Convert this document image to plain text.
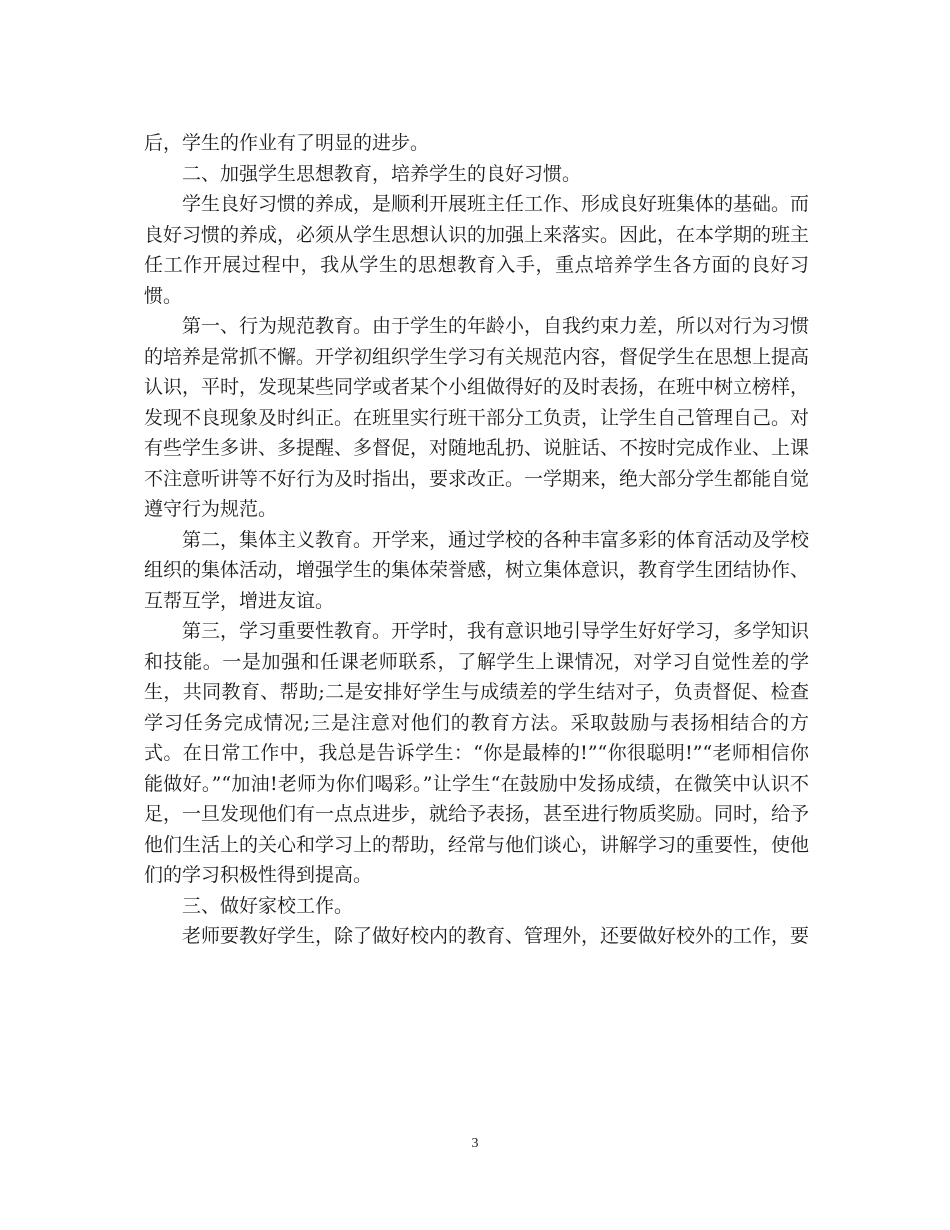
后，学生的作业有了明显的进步。

二、加强学生思想教育，培养学生的良好习惯。

学生良好习惯的养成，是顺利开展班主任工作、形成良好班集体的基础。而良好习惯的养成，必须从学生思想认识的加强上来落实。因此，在本学期的班主任工作开展过程中，我从学生的思想教育入手，重点培养学生各方面的良好习惯。

第一、行为规范教育。由于学生的年龄小，自我约束力差，所以对行为习惯的培养是常抓不懈。开学初组织学生学习有关规范内容，督促学生在思想上提高认识，平时，发现某些同学或者某个小组做得好的及时表扬，在班中树立榜样，发现不良现象及时纠正。在班里实行班干部分工负责，让学生自己管理自己。对有些学生多讲、多提醒、多督促，对随地乱扔、说脏话、不按时完成作业、上课不注意听讲等不好行为及时指出，要求改正。一学期来，绝大部分学生都能自觉遵守行为规范。

第二，集体主义教育。开学来，通过学校的各种丰富多彩的体育活动及学校组织的集体活动，增强学生的集体荣誉感，树立集体意识，教育学生团结协作、互帮互学，增进友谊。

第三，学习重要性教育。开学时，我有意识地引导学生好好学习，多学知识和技能。一是加强和任课老师联系，了解学生上课情况，对学习自觉性差的学生，共同教育、帮助;二是安排好学生与成绩差的学生结对子，负责督促、检查学习任务完成情况;三是注意对他们的教育方法。采取鼓励与表扬相结合的方式。在日常工作中，我总是告诉学生：“你是最棒的!”“你很聪明!”“老师相信你能做好。”“加油!老师为你们喝彩。”让学生“在鼓励中发扬成绩，在微笑中认识不足，一旦发现他们有一点点进步，就给予表扬，甚至进行物质奖励。同时，给予他们生活上的关心和学习上的帮助，经常与他们谈心，讲解学习的重要性，使他们的学习积极性得到提高。

三、做好家校工作。

老师要教好学生，除了做好校内的教育、管理外，还要做好校外的工作，要

3
